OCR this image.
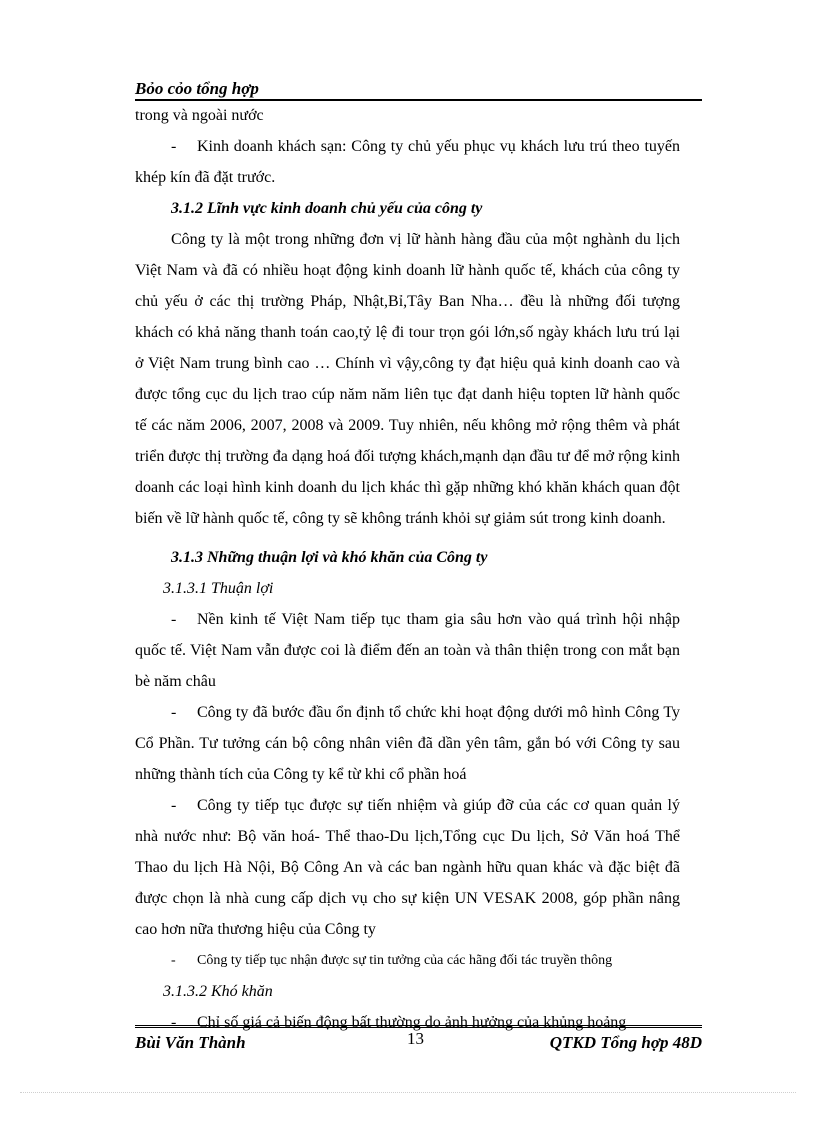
Bỏo cỏo tổng hợp
trong và ngoài nước
- Kinh doanh khách sạn: Công ty chủ yếu phục vụ khách lưu trú theo tuyến khép kín đã đặt trước.
3.1.2 Lĩnh vực kinh doanh chủ yếu của công ty
Công ty là một trong những đơn vị lữ hành hàng đầu của một nghành du lịch Việt Nam và đã có nhiều hoạt động kinh doanh lữ hành quốc tế, khách của công ty chủ yếu ở các thị trường Pháp, Nhật,Bỉ,Tây Ban Nha… đều là những đối tượng khách có khả năng thanh toán cao,tỷ lệ đi tour trọn gói lớn,số ngày khách lưu trú lại ở Việt Nam trung bình cao … Chính vì vậy,công ty đạt hiệu quả kinh doanh cao và được tổng cục du lịch trao cúp năm năm liên tục đạt danh hiệu topten lữ hành quốc tế các năm 2006, 2007, 2008 và 2009. Tuy nhiên, nếu không mở rộng thêm và phát triển được thị trường đa dạng hoá đối tượng khách,mạnh dạn đầu tư để mở rộng kinh doanh các loại hình kinh doanh du lịch khác thì gặp những khó khăn khách quan đột biến về lữ hành quốc tế, công ty sẽ không tránh khỏi sự giảm sút trong kinh doanh.
3.1.3 Những thuận lợi và khó khăn của Công ty
3.1.3.1 Thuận lợi
- Nền kinh tế Việt Nam tiếp tục tham gia sâu hơn vào quá trình hội nhập quốc tế. Việt Nam vẫn được coi là điểm đến an toàn và thân thiện trong con mắt bạn bè năm châu
- Công ty đã bước đầu ổn định tổ chức khi hoạt động dưới mô hình Công Ty Cổ Phần. Tư tưởng cán bộ công nhân viên đã dần yên tâm, gắn bó với Công ty sau những thành tích của Công ty kể từ khi cổ phần hoá
- Công ty tiếp tục được sự tiến nhiệm và giúp đỡ của các cơ quan quản lý nhà nước như: Bộ văn hoá- Thể thao-Du lịch,Tổng cục Du lịch, Sở Văn hoá Thể Thao du lịch Hà Nội, Bộ Công An và các ban ngành hữu quan khác và đặc biệt đã được chọn là nhà cung cấp dịch vụ cho sự kiện UN VESAK 2008, góp phần nâng cao hơn nữa thương hiệu của Công ty
- Công ty tiếp tục nhận được sự tin tưởng của các hãng đối tác truyền thông
3.1.3.2 Khó khăn
- Chỉ số giá cả biến động bất thường do ảnh hưởng của khủng hoảng
Bùi Văn Thành	13	QTKD Tổng hợp 48D
